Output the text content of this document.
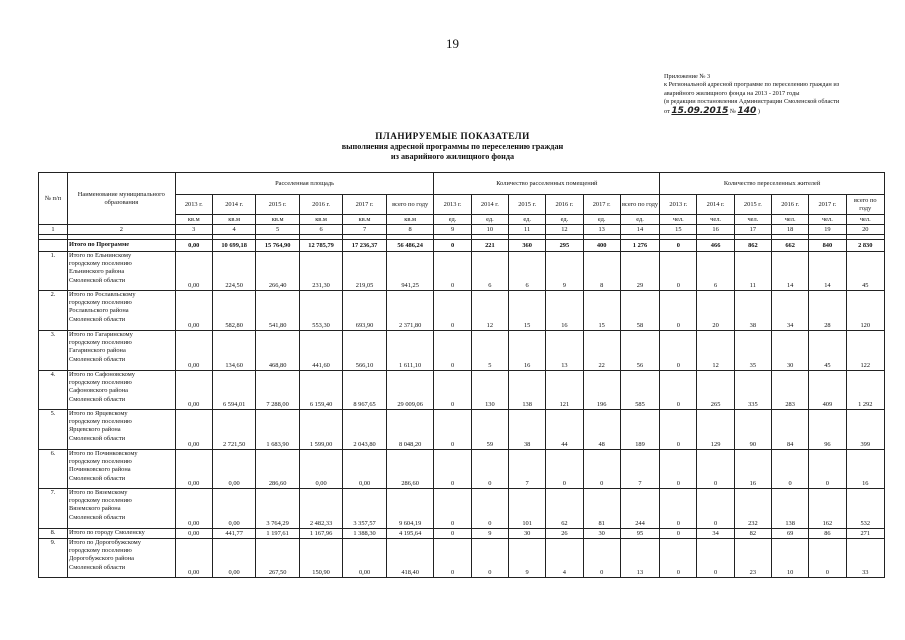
19
Приложение № 3
к Региональной адресной программе по переселению граждан из
аварийного жилищного фонда на 2013 - 2017 годы
(в редакции постановления Администрации Смоленской области
от 15.09.2015 № 140 )
ПЛАНИРУЕМЫЕ ПОКАЗАТЕЛИ
выполнения адресной программы по переселению граждан
из аварийного жилищного фонда
№ п/п	Наименование муниципального образования	Расселенная площадь						Количество расселенных помещений						Количество переселенных жителей					
		2013 г.	2014 г.	2015 г.	2016 г.	2017 г.	всего по году	2013 г.	2014 г.	2015 г.	2016 г.	2017 г.	всего по году	2013 г.	2014 г.	2015 г.	2016 г.	2017 г.	всего по году
		кв.м	кв.м	кв.м	кв.м	кв.м	кв.м	ед.	ед.	ед.	ед.	ед.	ед.	чел.	чел.	чел.	чел.	чел.	чел.
1	2	3	4	5	6	7	8	9	10	11	12	13	14	15	16	17	18	19	20

	Итого по Программе	0,00	10 699,18	15 764,90	12 785,79	17 236,37	56 486,24	0	221	360	295	400	1 276	0	466	862	662	840	2 830
1.	Итого по Ельнинскому
городскому поселению
Ельнинского района
Смоленской области	0,00	224,50	266,40	231,30	219,05	941,25	0	6	6	9	8	29	0	6	11	14	14	45
2.	Итого по Рославльскому
городскому поселению
Рославльского района
Смоленской области	0,00	582,80	541,80	553,30	693,90	2 371,80	0	12	15	16	15	58	0	20	38	34	28	120
3.	Итого по Гагаринскому
городскому поселению
Гагаринского района
Смоленской области	0,00	134,60	468,80	441,60	566,10	1 611,10	0	5	16	13	22	56	0	12	35	30	45	122
4.	Итого по Сафоновскому
городскому поселению
Сафоновского района
Смоленской области	0,00	6 594,01	7 288,00	6 159,40	8 967,65	29 009,06	0	130	138	121	196	585	0	265	335	283	409	1 292
5.	Итого по Ярцевскому
городскому поселению
Ярцевского района
Смоленской области	0,00	2 721,50	1 683,90	1 599,00	2 043,80	8 048,20	0	59	38	44	48	189	0	129	90	84	96	399
6.	Итого по Починковскому
городскому поселению
Починковского района
Смоленской области	0,00	0,00	286,60	0,00	0,00	286,60	0	0	7	0	0	7	0	0	16	0	0	16
7.	Итого по Вяземскому
городскому поселению
Вяземского района
Смоленской области	0,00	0,00	3 764,29	2 482,33	3 357,57	9 604,19	0	0	101	62	81	244	0	0	232	138	162	532
8.	Итого по городу Смоленску	0,00	441,77	1 197,61	1 167,96	1 388,30	4 195,64	0	9	30	26	30	95	0	34	82	69	86	271
9.	Итого по Дорогобужскому
городскому поселению
Дорогобужского района
Смоленской области	0,00	0,00	267,50	150,90	0,00	418,40	0	0	9	4	0	13	0	0	23	10	0	33
